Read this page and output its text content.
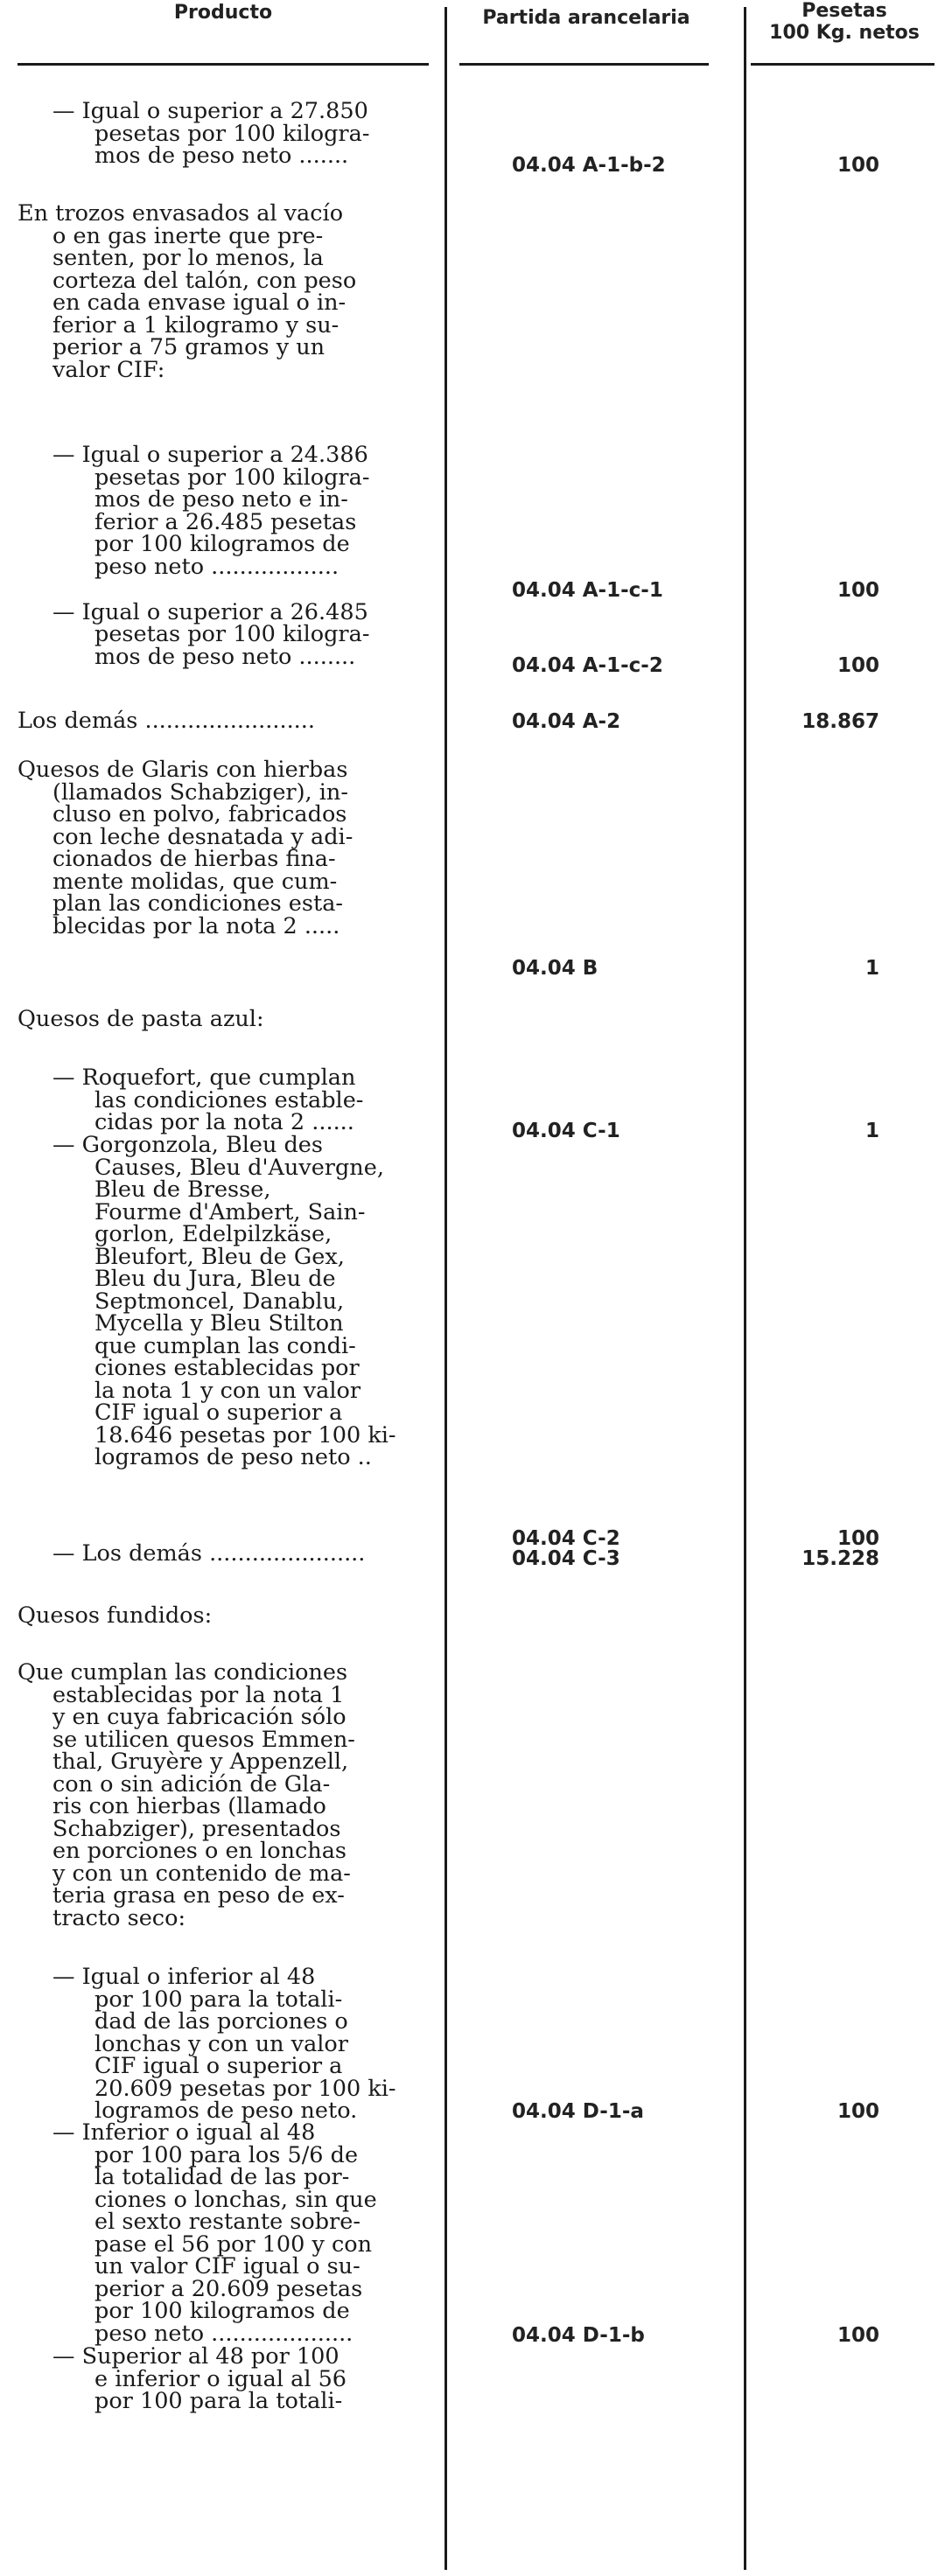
Producto	Partida arancelaria	Pesetas
100 Kg. netos
— Igual o superior a 27.850
pesetas por 100 kilogra-
mos de peso neto .......	04.04 A-1-b-2	100
En trozos envasados al vacío
o en gas inerte que pre-
senten, por lo menos, la
corteza del talón, con peso
en cada envase igual o in-
ferior a 1 kilogramo y su-
perior a 75 gramos y un
valor CIF:
— Igual o superior a 24.386
pesetas por 100 kilogra-
mos de peso neto e in-
ferior a 26.485 pesetas
por 100 kilogramos de
peso neto ..................
04.04 A-1-c-1	100
— Igual o superior a 26.485
pesetas por 100 kilogra-
mos de peso neto ........	04.04 A-1-c-2	100
Los demás ........................	04.04 A-2	18.867
Quesos de Glaris con hierbas
(llamados Schabziger), in-
cluso en polvo, fabricados
con leche desnatada y adi-
cionados de hierbas fina-
mente molidas, que cum-
plan las condiciones esta-
blecidas por la nota 2 .....
04.04 B	1
Quesos de pasta azul:
— Roquefort, que cumplan
las condiciones estable-
cidas por la nota 2 ......	04.04 C-1	1
— Gorgonzola, Bleu des
Causes, Bleu d'Auvergne,
Bleu de Bresse,
Fourme d'Ambert, Sain-
gorlon, Edelpilzkäse,
Bleufort, Bleu de Gex,
Bleu du Jura, Bleu de
Septmoncel, Danablu,
Mycella y Bleu Stilton
que cumplan las condi-
ciones establecidas por
la nota 1 y con un valor
CIF igual o superior a
18.646 pesetas por 100 ki-
logramos de peso neto ..
04.04 C-2	100
— Los demás ......................	04.04 C-3	15.228
Quesos fundidos:
Que cumplan las condiciones
establecidas por la nota 1
y en cuya fabricación sólo
se utilicen quesos Emmen-
thal, Gruyère y Appenzell,
con o sin adición de Gla-
ris con hierbas (llamado
Schabziger), presentados
en porciones o en lonchas
y con un contenido de ma-
teria grasa en peso de ex-
tracto seco:
— Igual o inferior al 48
por 100 para la totali-
dad de las porciones o
lonchas y con un valor
CIF igual o superior a
20.609 pesetas por 100 ki-
logramos de peso neto.	04.04 D-1-a	100
— Inferior o igual al 48
por 100 para los 5/6 de
la totalidad de las por-
ciones o lonchas, sin que
el sexto restante sobre-
pase el 56 por 100 y con
un valor CIF igual o su-
perior a 20.609 pesetas
por 100 kilogramos de
peso neto ....................	04.04 D-1-b	100
— Superior al 48 por 100
e inferior o igual al 56
por 100 para la totali-
